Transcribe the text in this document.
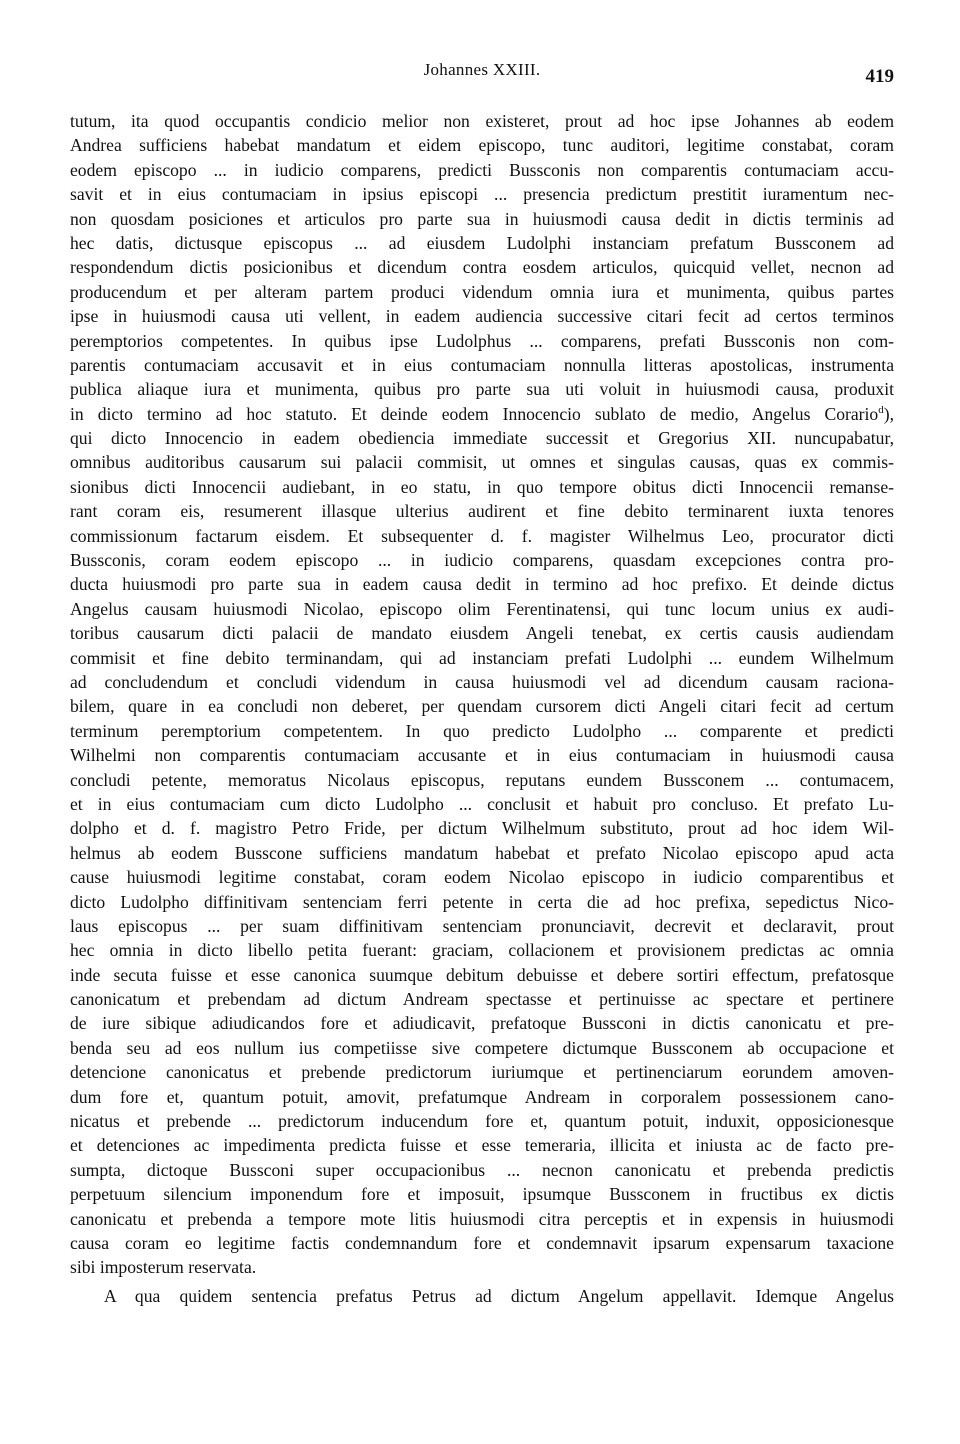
Johannes XXIII.	419
tutum, ita quod occupantis condicio melior non existeret, prout ad hoc ipse Johannes ab eodem
Andrea sufficiens habebat mandatum et eidem episcopo, tunc auditori, legitime constabat, coram
eodem episcopo ... in iudicio comparens, predicti Bussconis non comparentis contumaciam accu-
savit et in eius contumaciam in ipsius episcopi ... presencia predictum prestitit iuramentum nec-
non quosdam posiciones et articulos pro parte sua in huiusmodi causa dedit in dictis terminis ad
hec datis, dictusque episcopus ... ad eiusdem Ludolphi instanciam prefatum Bussconem ad
respondendum dictis posicionibus et dicendum contra eosdem articulos, quicquid vellet, necnon ad
producendum et per alteram partem produci videndum omnia iura et munimenta, quibus partes
ipse in huiusmodi causa uti vellent, in eadem audiencia successive citari fecit ad certos terminos
peremptorios competentes. In quibus ipse Ludolphus ... comparens, prefati Bussconis non com-
parentis contumaciam accusavit et in eius contumaciam nonnulla litteras apostolicas, instrumenta
publica aliaque iura et munimenta, quibus pro parte sua uti voluit in huiusmodi causa, produxit
in dicto termino ad hoc statuto. Et deinde eodem Innocencio sublato de medio, Angelus Corario$^d$),
qui dicto Innocencio in eadem obediencia immediate successit et Gregorius XII. nuncupabatur,
omnibus auditoribus causarum sui palacii commisit, ut omnes et singulas causas, quas ex commis-
sionibus dicti Innocencii audiebant, in eo statu, in quo tempore obitus dicti Innocencii remanse-
rant coram eis, resumerent illasque ulterius audirent et fine debito terminarent iuxta tenores
commissionum factarum eisdem. Et subsequenter d. f. magister Wilhelmus Leo, procurator dicti
Bussconis, coram eodem episcopo ... in iudicio comparens, quasdam excepciones contra pro-
ducta huiusmodi pro parte sua in eadem causa dedit in termino ad hoc prefixo. Et deinde dictus
Angelus causam huiusmodi Nicolao, episcopo olim Ferentinatensi, qui tunc locum unius ex audi-
toribus causarum dicti palacii de mandato eiusdem Angeli tenebat, ex certis causis audiendam
commisit et fine debito terminandam, qui ad instanciam prefati Ludolphi ... eundem Wilhelmum
ad concludendum et concludi videndum in causa huiusmodi vel ad dicendum causam raciona-
bilem, quare in ea concludi non deberet, per quendam cursorem dicti Angeli citari fecit ad certum
terminum peremptorium competentem. In quo predicto Ludolpho ... comparente et predicti
Wilhelmi non comparentis contumaciam accusante et in eius contumaciam in huiusmodi causa
concludi petente, memoratus Nicolaus episcopus, reputans eundem Bussconem ... contumacem,
et in eius contumaciam cum dicto Ludolpho ... conclusit et habuit pro concluso. Et prefato Lu-
dolpho et d. f. magistro Petro Fride, per dictum Wilhelmum substituto, prout ad hoc idem Wil-
helmus ab eodem Bussconе sufficiens mandatum habebat et prefato Nicolao episcopo apud acta
cause huiusmodi legitime constabat, coram eodem Nicolao episcopo in iudicio comparentibus et
dicto Ludolpho diffinitivam sentenciam ferri petente in certa die ad hoc prefixa, sepedictus Nico-
laus episcopus ... per suam diffinitivam sentenciam pronunciavit, decrevit et declaravit, prout
hec omnia in dicto libello petita fuerant: graciam, collacionem et provisionem predictas ac omnia
inde secuta fuisse et esse canonica suumque debitum debuisse et debere sortiri effectum, prefatosque
canonicatum et prebendam ad dictum Andream spectasse et pertinuisse ac spectare et pertinere
de iure sibique adiudicandos fore et adiudicavit, prefatoque Bussconi in dictis canonicatu et pre-
benda seu ad eos nullum ius competiisse sive competere dictumque Bussconem ab occupacione et
detencione canonicatus et prebende predictorum iuriumque et pertinenciarum eorundem amoven-
dum fore et, quantum potuit, amovit, prefatumque Andream in corporalem possessionem cano-
nicatus et prebende ... predictorum inducendum fore et, quantum potuit, induxit, opposicionesque
et detenciones ac impedimenta predicta fuisse et esse temeraria, illicita et iniusta ac de facto pre-
sumpta, dictoque Bussconi super occupacionibus ... necnon canonicatu et prebenda predictis
perpetuum silencium imponendum fore et imposuit, ipsumque Bussconem in fructibus ex dictis
canonicatu et prebenda a tempore mote litis huiusmodi citra perceptis et in expensis in huiusmodi
causa coram eo legitime factis condemnandum fore et condemnavit ipsarum expensarum taxacione
sibi imposterum reservata.
A qua quidem sentencia prefatus Petrus ad dictum Angelum appellavit. Idemque Angelus
